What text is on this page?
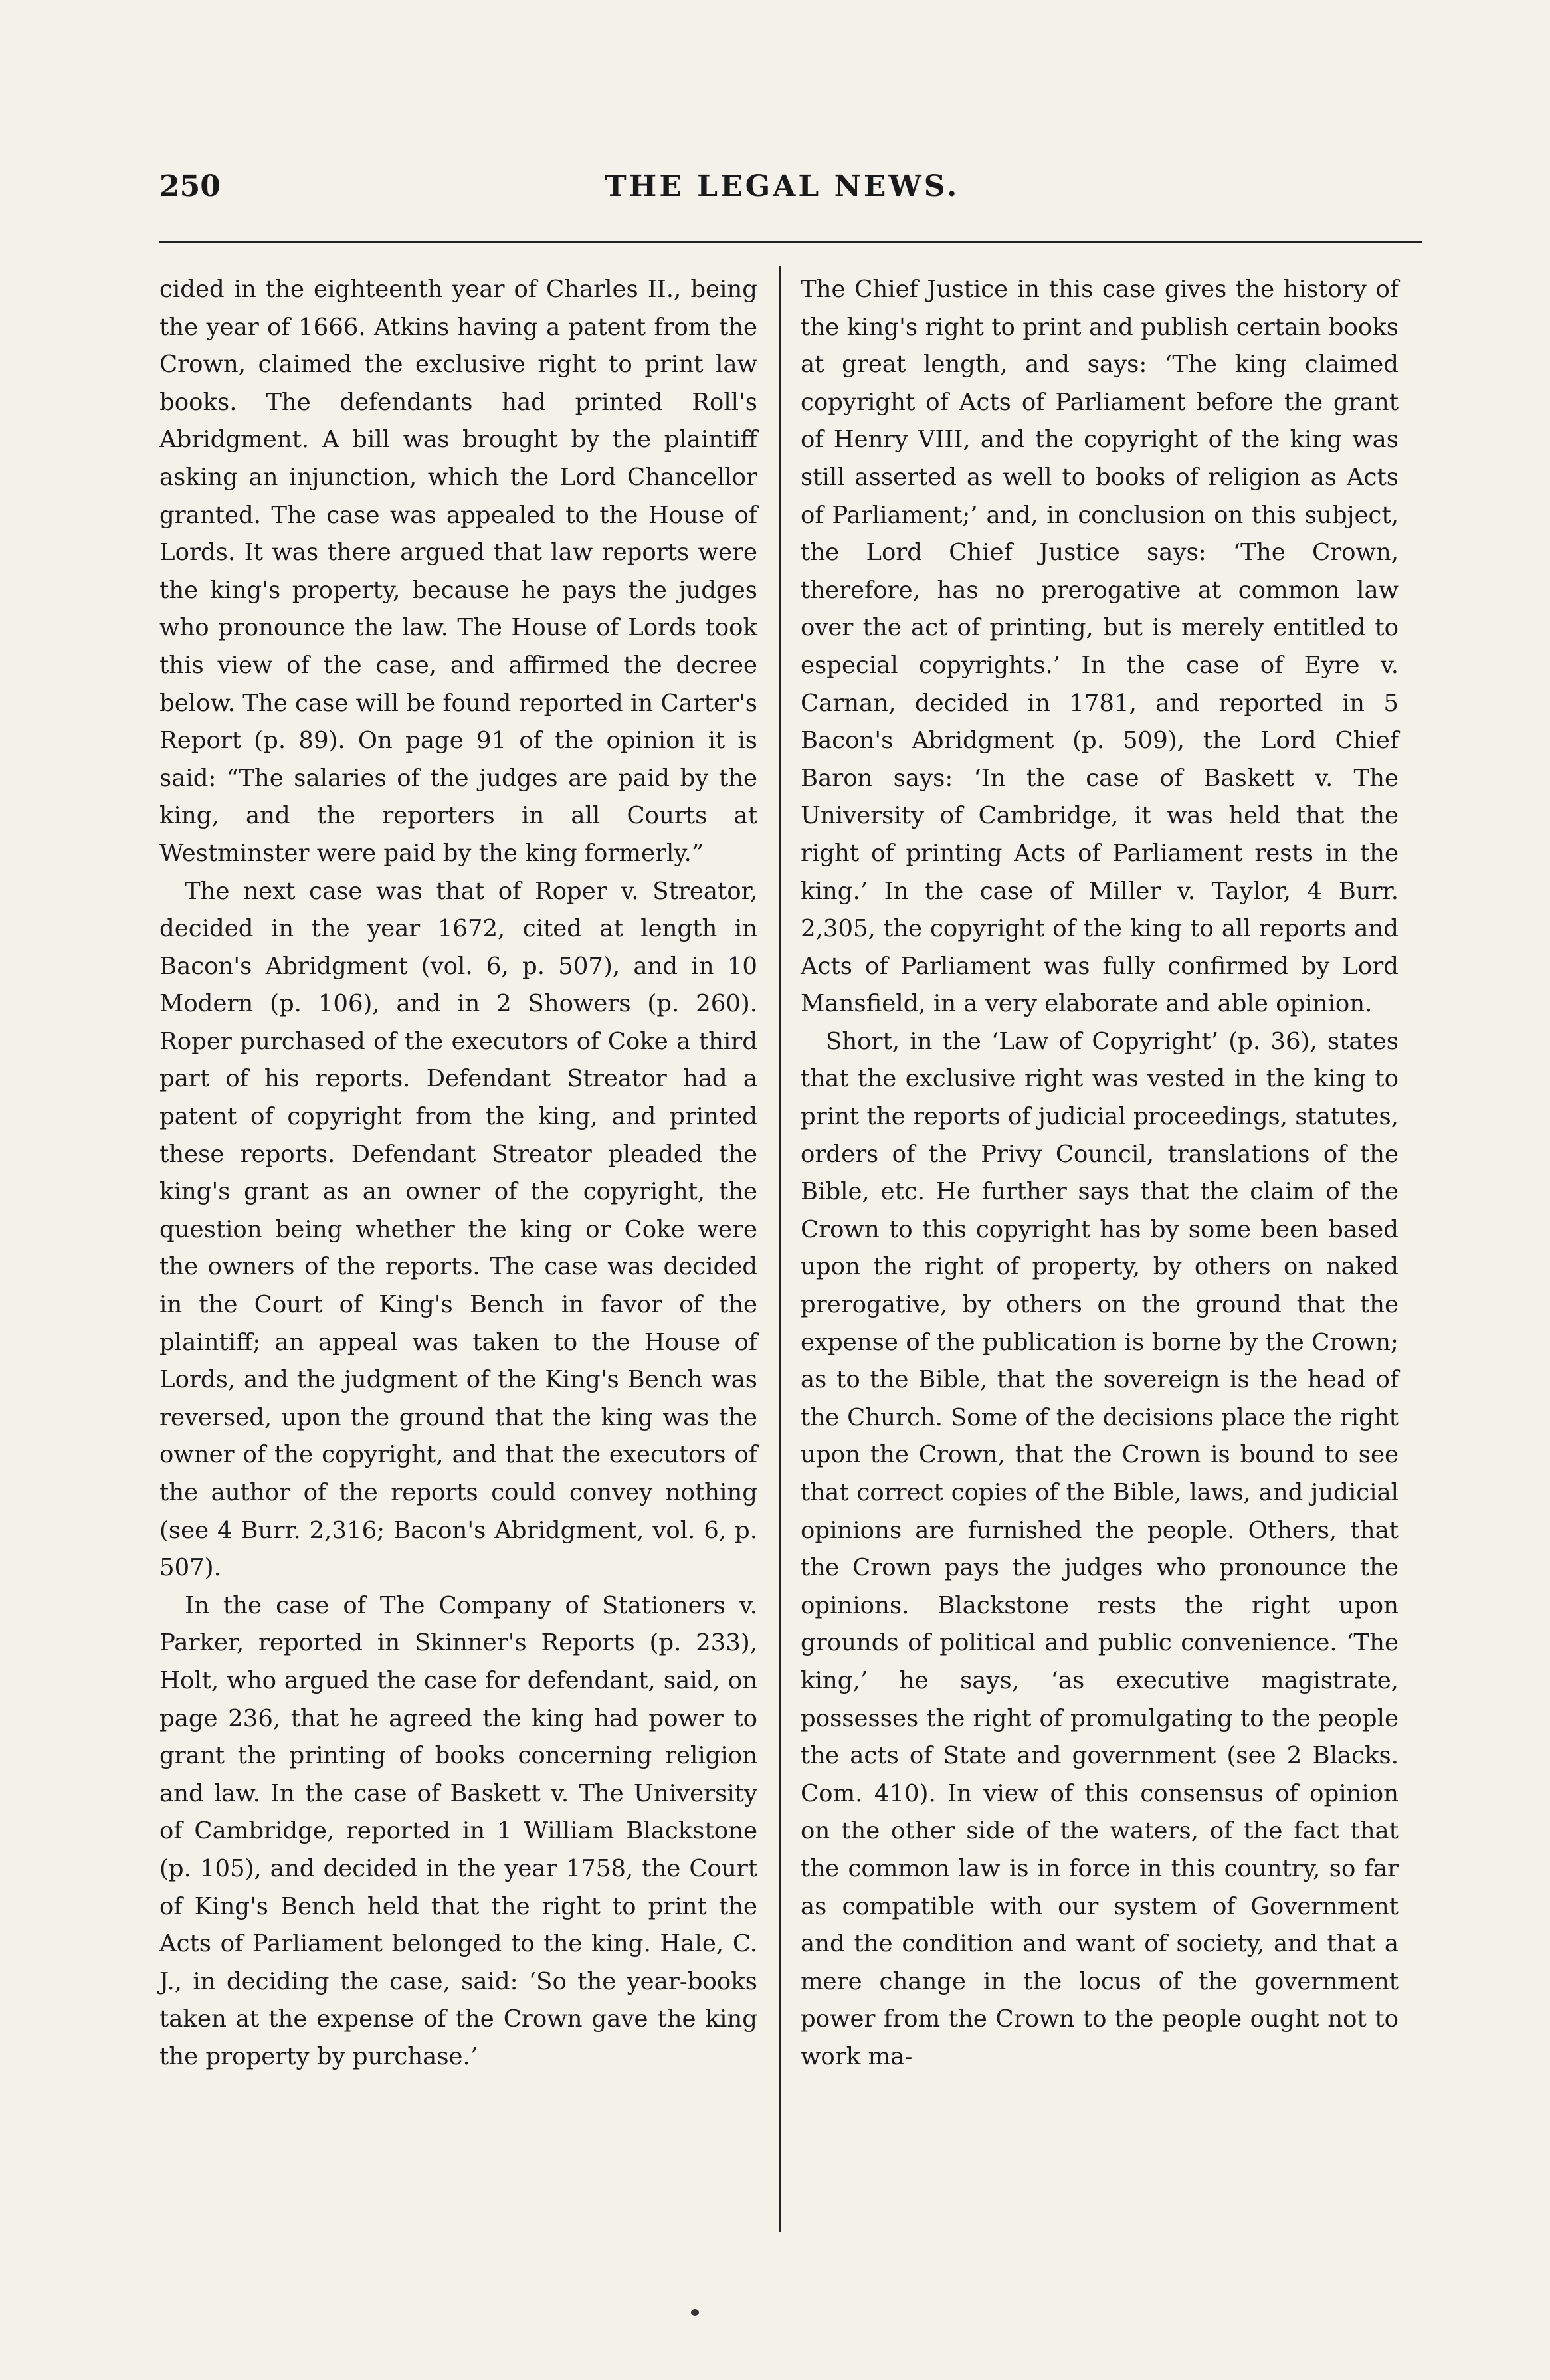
250	THE LEGAL NEWS.

cided in the eighteenth year of Charles II., being the year of 1666. Atkins having a patent from the Crown, claimed the exclusive right to print law books. The defendants had printed Roll's Abridgment. A bill was brought by the plaintiff asking an injunction, which the Lord Chancellor granted. The case was appealed to the House of Lords. It was there argued that law reports were the king's property, because he pays the judges who pronounce the law. The House of Lords took this view of the case, and affirmed the decree below. The case will be found reported in Carter's Report (p. 89). On page 91 of the opinion it is said: “The salaries of the judges are paid by the king, and the reporters in all Courts at Westminster were paid by the king formerly.”

The next case was that of Roper v. Streator, decided in the year 1672, cited at length in Bacon's Abridgment (vol. 6, p. 507), and in 10 Modern (p. 106), and in 2 Showers (p. 260). Roper purchased of the executors of Coke a third part of his reports. Defendant Streator had a patent of copyright from the king, and printed these reports. Defendant Streator pleaded the king's grant as an owner of the copyright, the question being whether the king or Coke were the owners of the reports. The case was decided in the Court of King's Bench in favor of the plaintiff; an appeal was taken to the House of Lords, and the judgment of the King's Bench was reversed, upon the ground that the king was the owner of the copyright, and that the executors of the author of the reports could convey nothing (see 4 Burr. 2,316; Bacon's Abridgment, vol. 6, p. 507).

In the case of The Company of Stationers v. Parker, reported in Skinner's Reports (p. 233), Holt, who argued the case for defendant, said, on page 236, that he agreed the king had power to grant the printing of books concerning religion and law. In the case of Baskett v. The University of Cambridge, reported in 1 William Blackstone (p. 105), and decided in the year 1758, the Court of King's Bench held that the right to print the Acts of Parliament belonged to the king. Hale, C. J., in deciding the case, said: ‘So the year-books taken at the expense of the Crown gave the king the property by purchase.’

The Chief Justice in this case gives the history of the king's right to print and publish certain books at great length, and says: ‘The king claimed copyright of Acts of Parliament before the grant of Henry VIII, and the copyright of the king was still asserted as well to books of religion as Acts of Parliament;’ and, in conclusion on this subject, the Lord Chief Justice says: ‘The Crown, therefore, has no prerogative at common law over the act of printing, but is merely entitled to especial copyrights.’ In the case of Eyre v. Carnan, decided in 1781, and reported in 5 Bacon's Abridgment (p. 509), the Lord Chief Baron says: ‘In the case of Baskett v. The University of Cambridge, it was held that the right of printing Acts of Parliament rests in the king.’ In the case of Miller v. Taylor, 4 Burr. 2,305, the copyright of the king to all reports and Acts of Parliament was fully confirmed by Lord Mansfield, in a very elaborate and able opinion.

Short, in the ‘Law of Copyright’ (p. 36), states that the exclusive right was vested in the king to print the reports of judicial proceedings, statutes, orders of the Privy Council, translations of the Bible, etc. He further says that the claim of the Crown to this copyright has by some been based upon the right of property, by others on naked prerogative, by others on the ground that the expense of the publication is borne by the Crown; as to the Bible, that the sovereign is the head of the Church. Some of the decisions place the right upon the Crown, that the Crown is bound to see that correct copies of the Bible, laws, and judicial opinions are furnished the people. Others, that the Crown pays the judges who pronounce the opinions. Blackstone rests the right upon grounds of political and public convenience. ‘The king,’ he says, ‘as executive magistrate, possesses the right of promulgating to the people the acts of State and government (see 2 Blacks. Com. 410). In view of this consensus of opinion on the other side of the waters, of the fact that the common law is in force in this country, so far as compatible with our system of Government and the condition and want of society, and that a mere change in the locus of the government power from the Crown to the people ought not to work ma-
